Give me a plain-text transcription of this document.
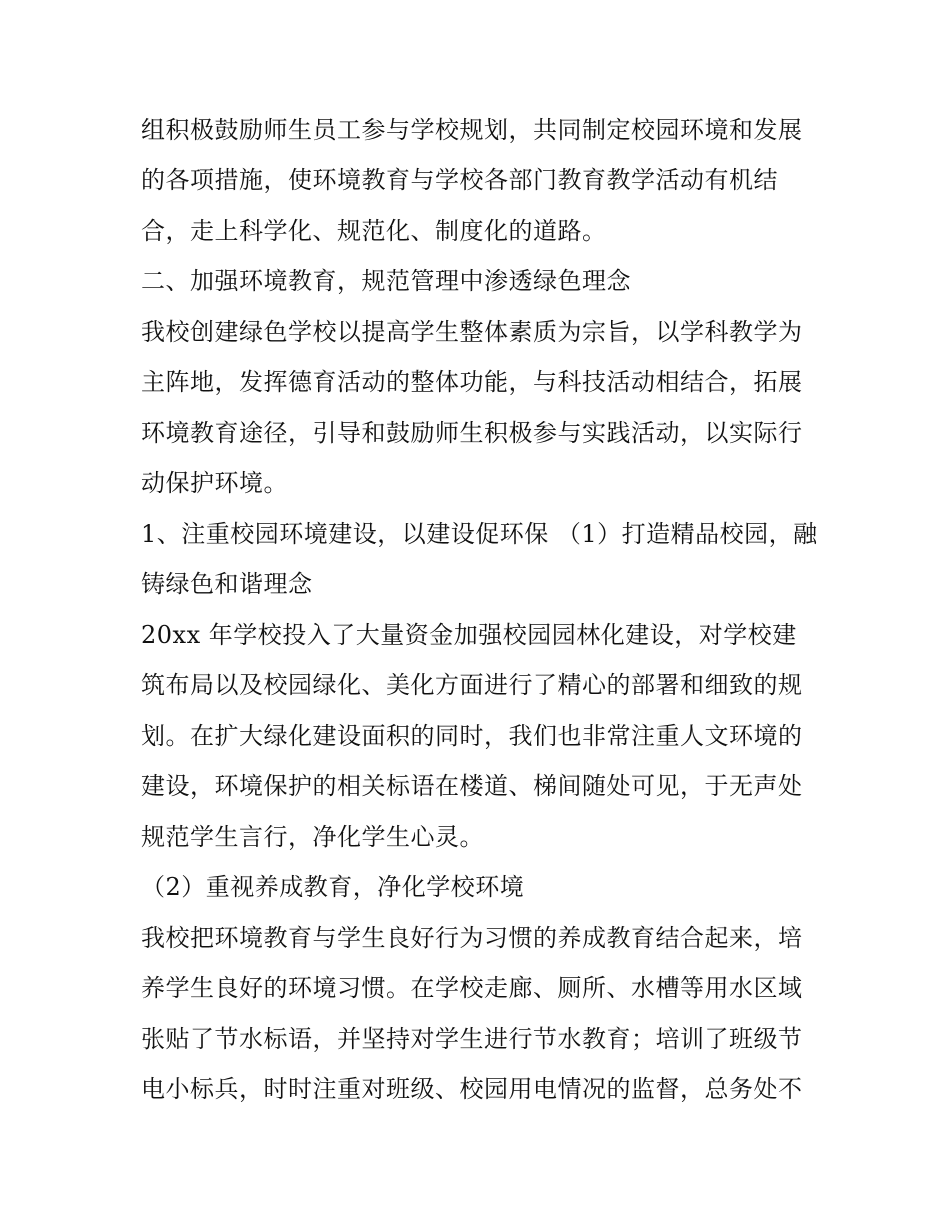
组积极鼓励师生员工参与学校规划，共同制定校园环境和发展
的各项措施，使环境教育与学校各部门教育教学活动有机结
合，走上科学化、规范化、制度化的道路。
二、加强环境教育，规范管理中渗透绿色理念
我校创建绿色学校以提高学生整体素质为宗旨，以学科教学为
主阵地，发挥德育活动的整体功能，与科技活动相结合，拓展
环境教育途径，引导和鼓励师生积极参与实践活动，以实际行
动保护环境。
1、注重校园环境建设，以建设促环保 （1）打造精品校园，融
铸绿色和谐理念
20xx 年学校投入了大量资金加强校园园林化建设，对学校建
筑布局以及校园绿化、美化方面进行了精心的部署和细致的规
划。在扩大绿化建设面积的同时，我们也非常注重人文环境的
建设，环境保护的相关标语在楼道、梯间随处可见，于无声处
规范学生言行，净化学生心灵。
（2）重视养成教育，净化学校环境
我校把环境教育与学生良好行为习惯的养成教育结合起来，培
养学生良好的环境习惯。在学校走廊、厕所、水槽等用水区域
张贴了节水标语，并坚持对学生进行节水教育；培训了班级节
电小标兵，时时注重对班级、校园用电情况的监督，总务处不
